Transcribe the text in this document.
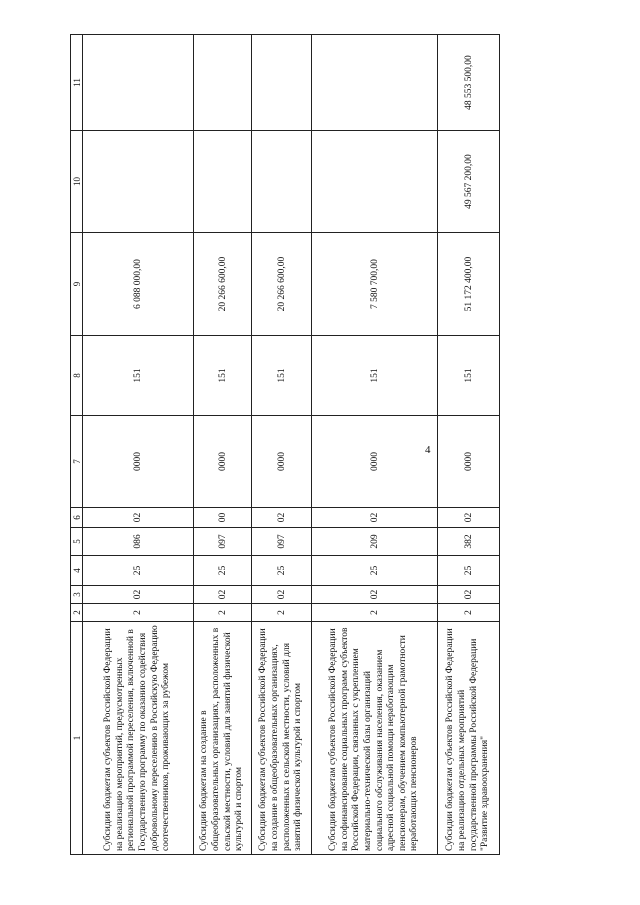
4
1	2	3	4	5	6	7	8	9	10	11
Субсидии бюджетам субъектов Российской Федерации на реализацию мероприятий, предусмотренных региональной программой переселения, включенной в Государственную программу по оказанию содействия добровольному переселению в Российскую Федерацию соотечественников, проживающих за рубежом	2	02	25	086	02	0000	151	6 088 000,00		
Субсидии бюджетам на создание в общеобразовательных организациях, расположенных в сельской местности, условий для занятий физической культурой и спортом	2	02	25	097	00	0000	151	20 266 600,00		
Субсидии бюджетам субъектов Российской Федерации на создание в общеобразовательных организациях, расположенных в сельской местности, условий для занятий физической культурой и спортом	2	02	25	097	02	0000	151	20 266 600,00		
Субсидии бюджетам субъектов Российской Федерации на софинансирование социальных программ субъектов Российской Федерации, связанных с укреплением материально-технической базы организаций социального обслуживания населения, оказанием адресной социальной помощи неработающим пенсионерам, обучением компьютерной грамотности неработающих пенсионеров	2	02	25	209	02	0000	151	7 580 700,00		
Субсидии бюджетам субъектов Российской Федерации на реализацию отдельных мероприятий государственной программы Российской Федерации "Развитие здравоохранения"	2	02	25	382	02	0000	151	51 172 400,00	49 567 200,00	48 553 500,00
